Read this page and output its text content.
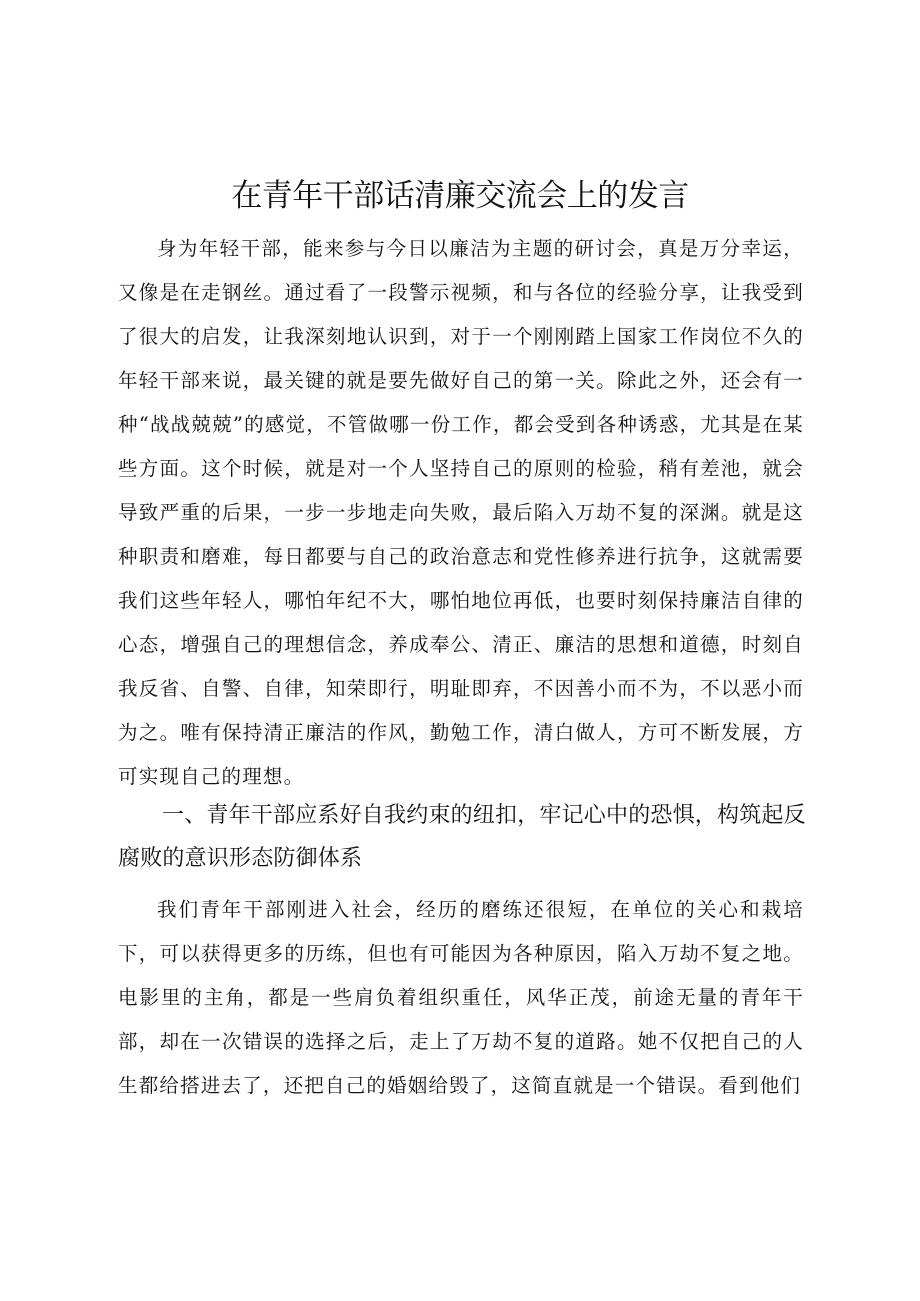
在青年干部话清廉交流会上的发言

身为年轻干部，能来参与今日以廉洁为主题的研讨会，真是万分幸运，又像是在走钢丝。通过看了一段警示视频，和与各位的经验分享，让我受到了很大的启发，让我深刻地认识到，对于一个刚刚踏上国家工作岗位不久的年轻干部来说，最关键的就是要先做好自己的第一关。除此之外，还会有一种“战战兢兢”的感觉，不管做哪一份工作，都会受到各种诱惑，尤其是在某些方面。这个时候，就是对一个人坚持自己的原则的检验，稍有差池，就会导致严重的后果，一步一步地走向失败，最后陷入万劫不复的深渊。就是这种职责和磨难，每日都要与自己的政治意志和党性修养进行抗争，这就需要我们这些年轻人，哪怕年纪不大，哪怕地位再低，也要时刻保持廉洁自律的心态，增强自己的理想信念，养成奉公、清正、廉洁的思想和道德，时刻自我反省、自警、自律，知荣即行，明耻即弃，不因善小而不为，不以恶小而为之。唯有保持清正廉洁的作风，勤勉工作，清白做人，方可不断发展，方可实现自己的理想。

一、青年干部应系好自我约束的纽扣，牢记心中的恐惧，构筑起反腐败的意识形态防御体系

我们青年干部刚进入社会，经历的磨练还很短，在单位的关心和栽培下，可以获得更多的历练，但也有可能因为各种原因，陷入万劫不复之地。电影里的主角，都是一些肩负着组织重任，风华正茂，前途无量的青年干部，却在一次错误的选择之后，走上了万劫不复的道路。她不仅把自己的人生都给搭进去了，还把自己的婚姻给毁了，这简直就是一个错误。看到他们
